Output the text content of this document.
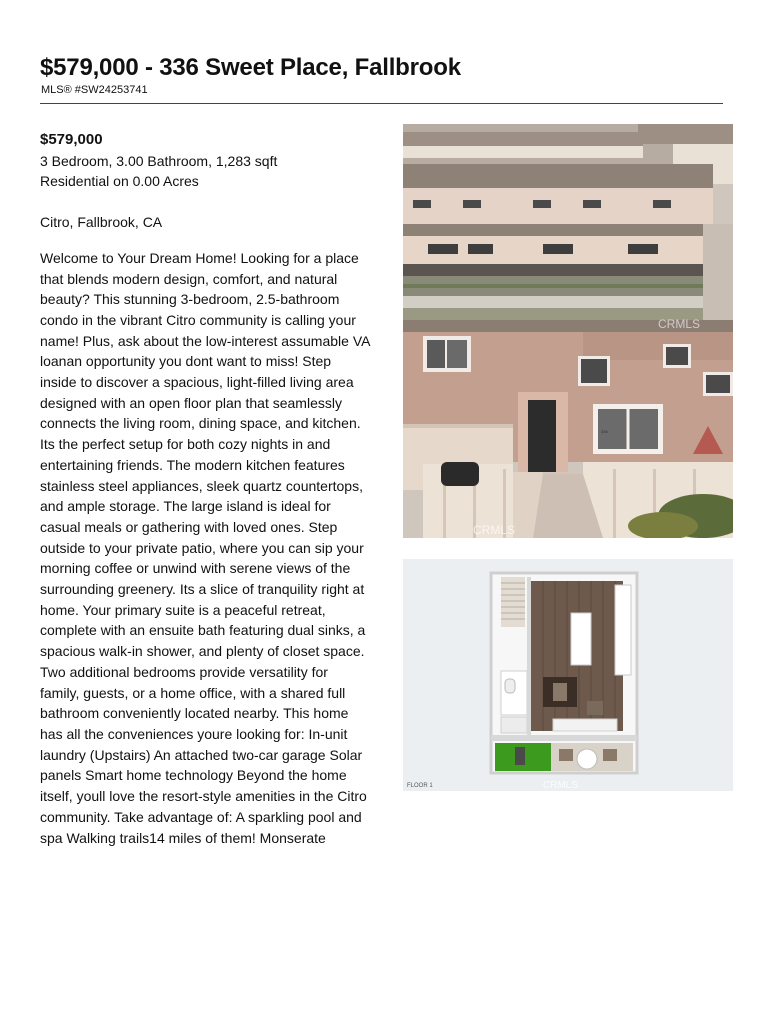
$579,000 - 336 Sweet Place, Fallbrook
MLS® #SW24253741

$579,000

3 Bedroom, 3.00 Bathroom, 1,283 sqft

Residential on 0.00 Acres

Citro, Fallbrook, CA

Welcome to Your Dream Home! Looking for a place that blends modern design, comfort, and natural beauty? This stunning 3-bedroom, 2.5-bathroom condo in the vibrant Citro community is calling your name! Plus, ask about the low-interest assumable VA loanan opportunity you dont want to miss! Step inside to discover a spacious, light-filled living area designed with an open floor plan that seamlessly connects the living room, dining space, and kitchen. Its the perfect setup for both cozy nights in and entertaining friends. The modern kitchen features stainless steel appliances, sleek quartz countertops, and ample storage. The large island is ideal for casual meals or gathering with loved ones. Step outside to your private patio, where you can sip your morning coffee or unwind with serene views of the surrounding greenery. Its a slice of tranquility right at home. Your primary suite is a peaceful retreat, complete with an ensuite bath featuring dual sinks, a spacious walk-in shower, and plenty of closet space. Two additional bedrooms provide versatility for family, guests, or a home office, with a shared full bathroom conveniently located nearby. This home has all the conveniences youre looking for: In-unit laundry (Upstairs) An attached two-car garage Solar panels Smart home technology Beyond the home itself, youll love the resort-style amenities in the Citro community. Take advantage of: A sparkling pool and spa Walking trails14 miles of them! Monserate

CRMLS
CRMLS
336
FLOOR 1	CRMLS
